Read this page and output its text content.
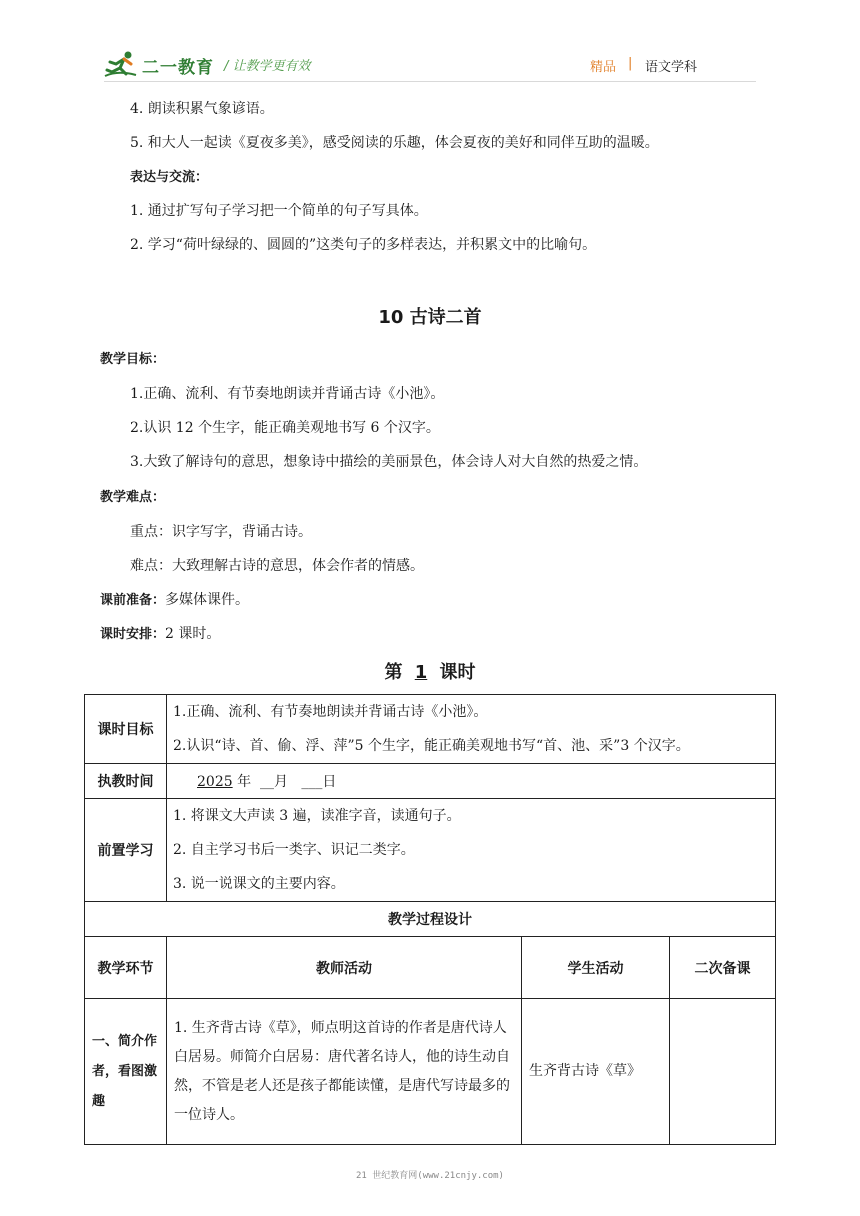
二一教育 / 让教学更有效	精品 | 语文学科
4. 朗读积累气象谚语。
5. 和大人一起读《夏夜多美》，感受阅读的乐趣，体会夏夜的美好和同伴互助的温暖。
表达与交流：
1. 通过扩写句子学习把一个简单的句子写具体。
2. 学习“荷叶绿绿的、圆圆的”这类句子的多样表达，并积累文中的比喻句。
10 古诗二首
教学目标：
1.正确、流利、有节奏地朗读并背诵古诗《小池》。
2.认识 12 个生字，能正确美观地书写 6 个汉字。
3.大致了解诗句的意思，想象诗中描绘的美丽景色，体会诗人对大自然的热爱之情。
教学难点：
重点：识字写字，背诵古诗。
难点：大致理解古诗的意思，体会作者的情感。
课前准备：多媒体课件。
课时安排：2 课时。
第 1 课时
课时目标	1.正确、流利、有节奏地朗读并背诵古诗《小池》。

2.认识“诗、首、偷、浮、萍”5 个生字，能正确美观地书写“首、池、采”3 个汉字。		

执教时间	2025 年 __月 ___日		
前置学习	1. 将课文大声读 3 遍，读准字音，读通句子。

2. 自主学习书后一类字、识记二类字。

3. 说一说课文的主要内容。		

教学过程设计			
教学环节	教师活动	学生活动	二次备课

一、简介作者，看图激趣	1. 生齐背古诗《草》，师点明这首诗的作者是唐代诗人白居易。师简介白居易：唐代著名诗人，他的诗生动自然，不管是老人还是孩子都能读懂，是唐代写诗最多的一位诗人。	生齐背古诗《草》	

21 世纪教育网(www.21cnjy.com)
